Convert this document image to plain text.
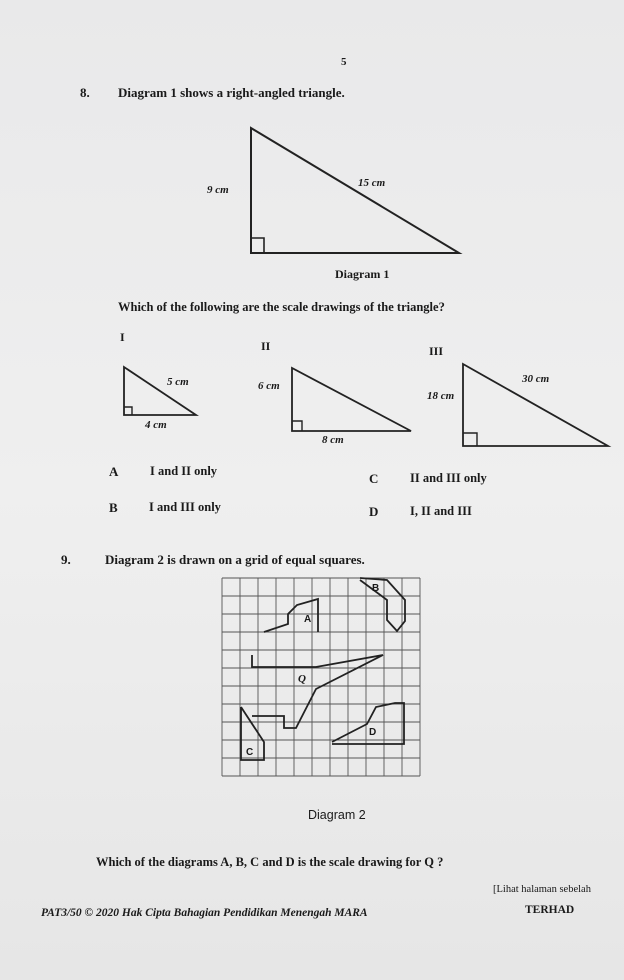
5
8. Diagram 1 shows a right-angled triangle.
9 cm
15 cm
Diagram 1
Which of the following are the scale drawings of the triangle?
I
5 cm
4 cm
II
6 cm
8 cm
III
18 cm
30 cm
A	I and II only
B	I and III only
C	II and III only
D	I, II and III
9.	Diagram 2 is drawn on a grid of equal squares.
B
A
Q
D
C
Diagram 2
Which of the diagrams A, B, C and D is the scale drawing for Q ?
[Lihat halaman sebelah
PAT3/50 © 2020 Hak Cipta Bahagian Pendidikan Menengah MARA	TERHAD
